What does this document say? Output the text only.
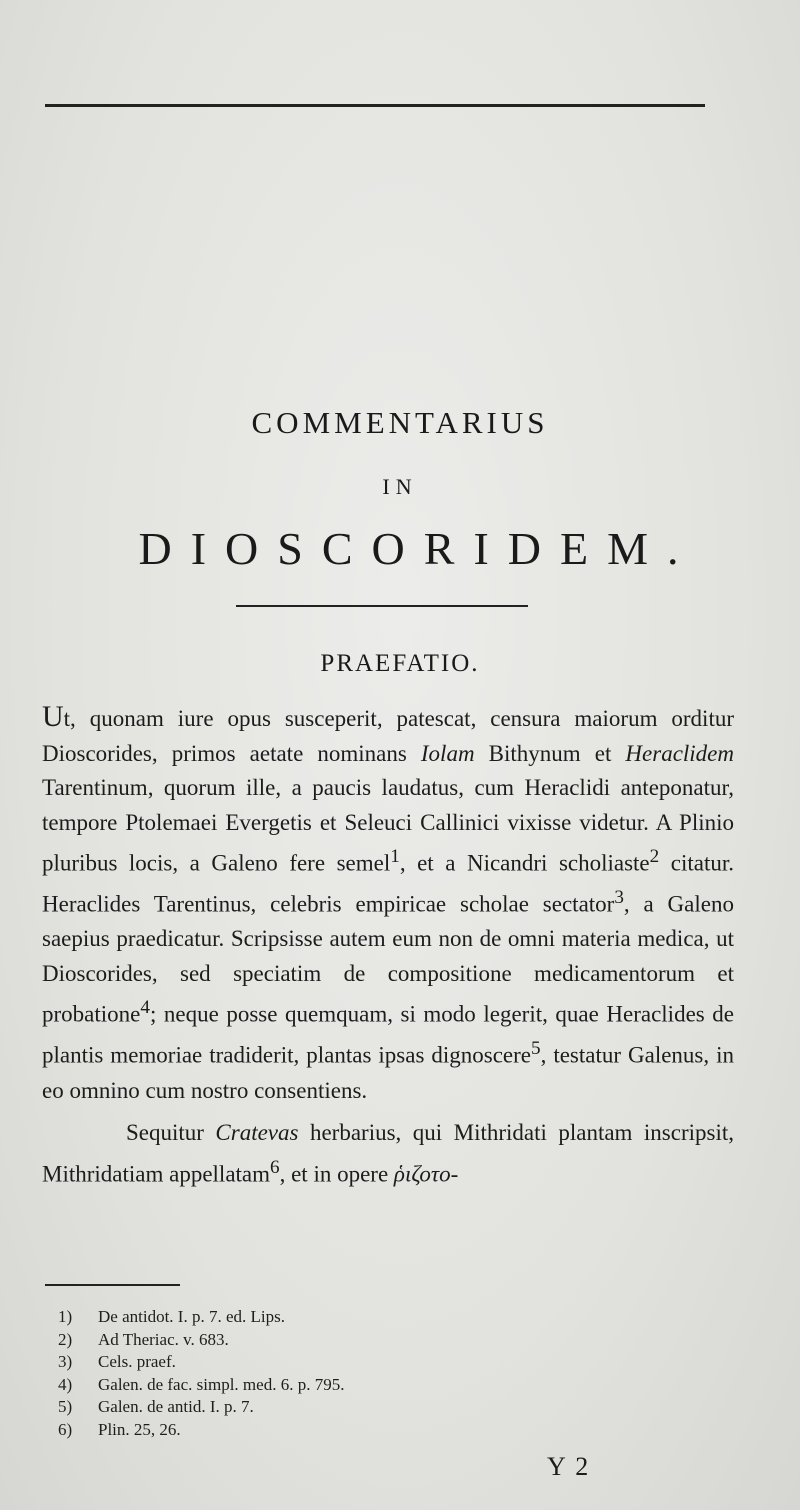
COMMENTARIUS
IN
DIOSCORIDEM.
PRAEFATIO.

Ut, quonam iure opus susceperit, patescat, censura maiorum orditur Dioscorides, primos aetate nominans Iolam Bithynum et Heraclidem Tarentinum, quorum ille, a paucis laudatus, cum Heraclidi anteponatur, tempore Ptolemaei Evergetis et Seleuci Callinici vixisse videtur. A Plinio pluribus locis, a Galeno fere semel$^1$, et a Nicandri scholiaste$^2$ citatur. Heraclides Tarentinus, celebris empiricae scholae sectator$^3$, a Galeno saepius praedicatur. Scripsisse autem eum non de omni materia medica, ut Dioscorides, sed speciatim de compositione medicamentorum et probatione$^4$; neque posse quemquam, si modo legerit, quae Heraclides de plantis memoriae tradiderit, plantas ipsas dignoscere$^5$, testatur Galenus, in eo omnino cum nostro consentiens.

Sequitur Cratevas herbarius, qui Mithridati plantam inscripsit, Mithridatiam appellatam$^6$, et in opere ῥιζοτο-

1) De antidot. I. p. 7. ed. Lips.
2) Ad Theriac. v. 683.
3) Cels. praef.
4) Galen. de fac. simpl. med. 6. p. 795.
5) Galen. de antid. I. p. 7.
6) Plin. 25, 26.
Y 2
